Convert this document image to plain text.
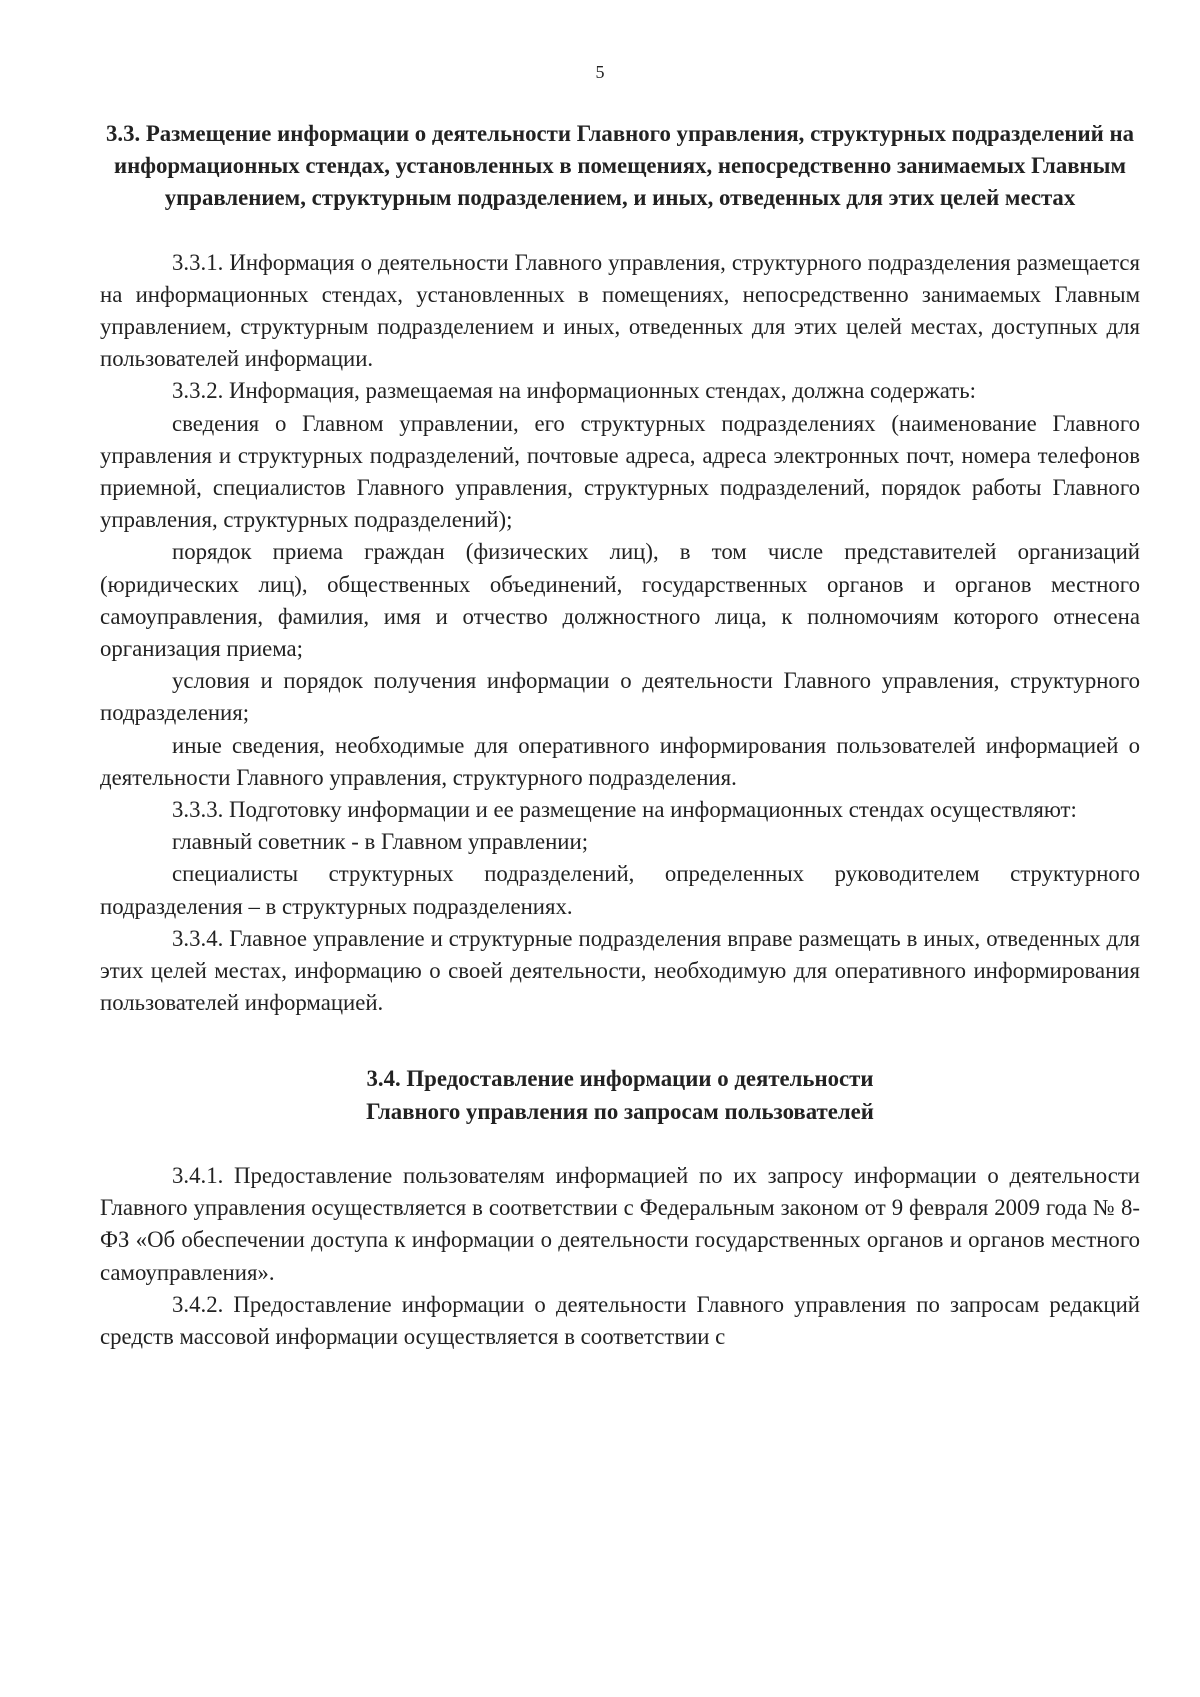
5

3.3. Размещение информации о деятельности Главного управления, структурных подразделений на информационных стендах, установленных в помещениях, непосредственно занимаемых Главным управлением, структурным подразделением, и иных, отведенных для этих целей местах

3.3.1. Информация о деятельности Главного управления, структурного подразделения размещается на информационных стендах, установленных в помещениях, непосредственно занимаемых Главным управлением, структурным подразделением и иных, отведенных для этих целей местах, доступных для пользователей информации.

3.3.2. Информация, размещаемая на информационных стендах, должна содержать:

сведения о Главном управлении, его структурных подразделениях (наименование Главного управления и структурных подразделений, почтовые адреса, адреса электронных почт, номера телефонов приемной, специалистов Главного управления, структурных подразделений, порядок работы Главного управления, структурных подразделений);

порядок приема граждан (физических лиц), в том числе представителей организаций (юридических лиц), общественных объединений, государственных органов и органов местного самоуправления, фамилия, имя и отчество должностного лица, к полномочиям которого отнесена организация приема;

условия и порядок получения информации о деятельности Главного управления, структурного подразделения;

иные сведения, необходимые для оперативного информирования пользователей информацией о деятельности Главного управления, структурного подразделения.

3.3.3. Подготовку информации и ее размещение на информационных стендах осуществляют:

главный советник - в Главном управлении;

специалисты структурных подразделений, определенных руководителем структурного подразделения – в структурных подразделениях.

3.3.4. Главное управление и структурные подразделения вправе размещать в иных, отведенных для этих целей местах, информацию о своей деятельности, необходимую для оперативного информирования пользователей информацией.

3.4. Предоставление информации о деятельности
Главного управления по запросам пользователей

3.4.1. Предоставление пользователям информацией по их запросу информации о деятельности Главного управления осуществляется в соответствии с Федеральным законом от 9 февраля 2009 года № 8-ФЗ «Об обеспечении доступа к информации о деятельности государственных органов и органов местного самоуправления».

3.4.2. Предоставление информации о деятельности Главного управления по запросам редакций средств массовой информации осуществляется в соответствии с
